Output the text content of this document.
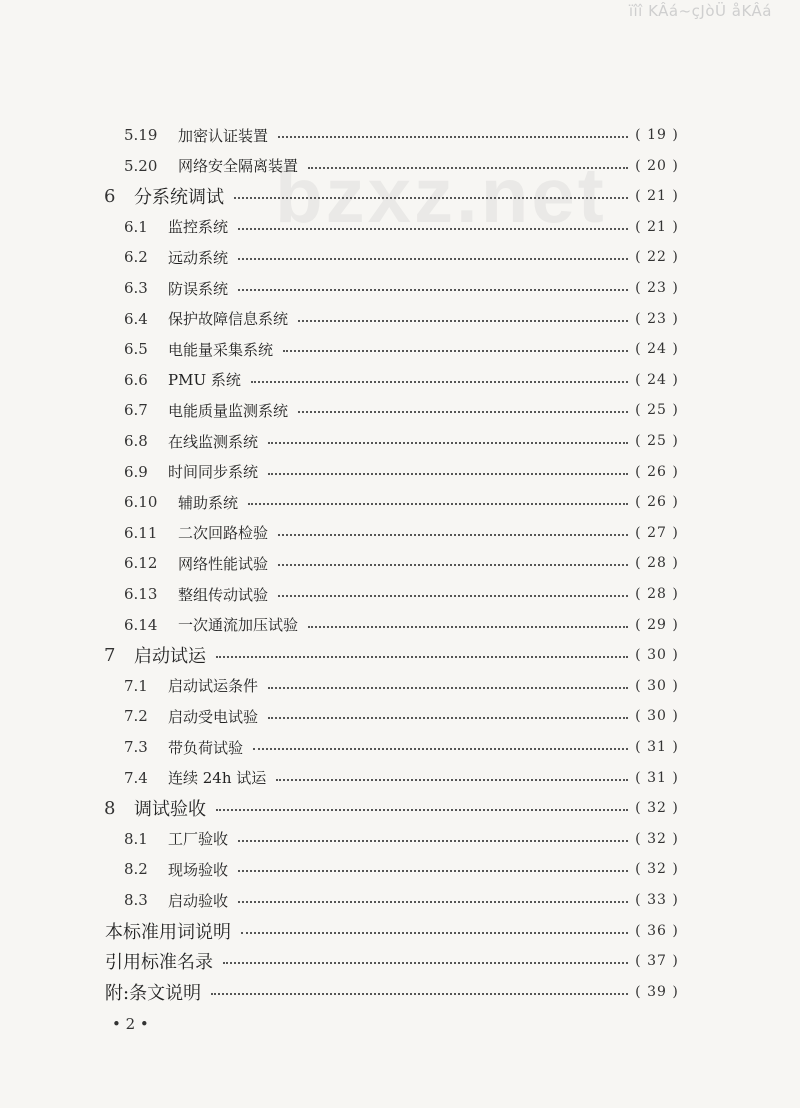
ïîî KÂá~çJòÜ åKÂá
bzxz.net
5.19 加密认证装置	( 19 )
5.20 网络安全隔离装置	( 20 )
6 分系统调试	( 21 )
6.1 监控系统	( 21 )
6.2 远动系统	( 22 )
6.3 防误系统	( 23 )
6.4 保护故障信息系统	( 23 )
6.5 电能量采集系统	( 24 )
6.6 PMU 系统	( 24 )
6.7 电能质量监测系统	( 25 )
6.8 在线监测系统	( 25 )
6.9 时间同步系统	( 26 )
6.10 辅助系统	( 26 )
6.11 二次回路检验	( 27 )
6.12 网络性能试验	( 28 )
6.13 整组传动试验	( 28 )
6.14 一次通流加压试验	( 29 )
7 启动试运	( 30 )
7.1 启动试运条件	( 30 )
7.2 启动受电试验	( 30 )
7.3 带负荷试验	( 31 )
7.4 连续 24h 试运	( 31 )
8 调试验收	( 32 )
8.1 工厂验收	( 32 )
8.2 现场验收	( 32 )
8.3 启动验收	( 33 )
本标准用词说明	( 36 )
引用标准名录	( 37 )
附:条文说明	( 39 )
• 2 •
